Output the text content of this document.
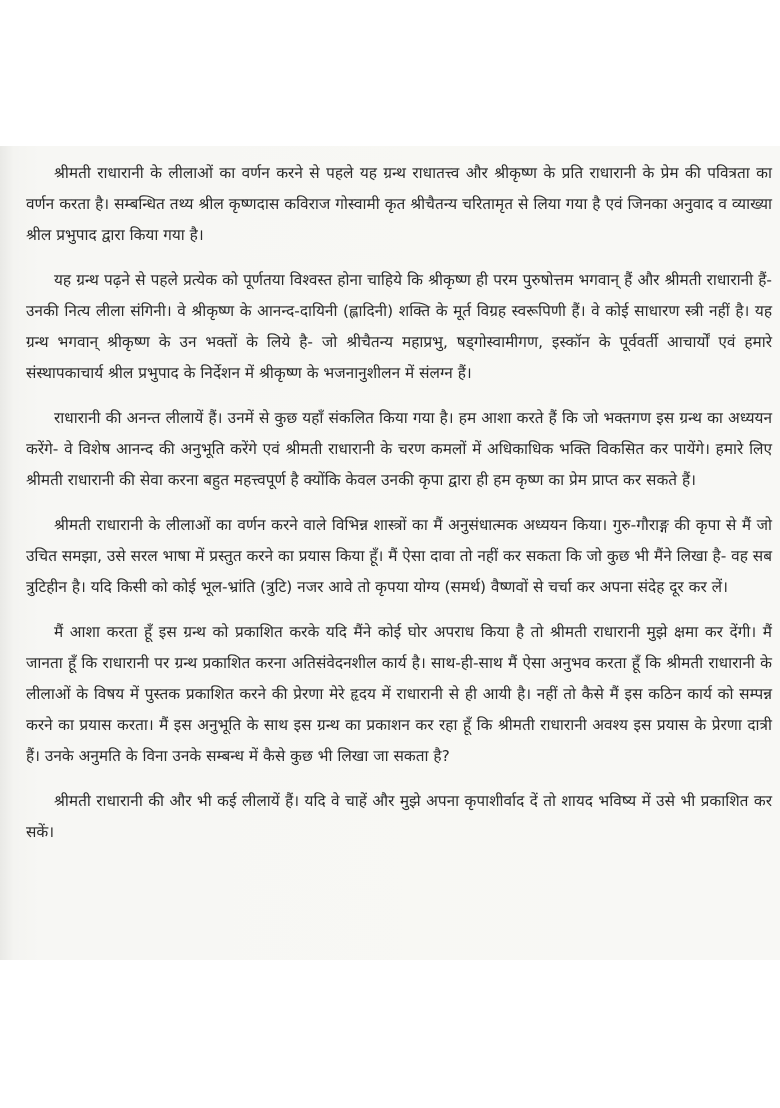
श्रीमती राधारानी के लीलाओं का वर्णन करने से पहले यह ग्रन्थ राधातत्त्व और श्रीकृष्ण के प्रति राधारानी के प्रेम की पवित्रता का वर्णन करता है। सम्बन्धित तथ्य श्रील कृष्णदास कविराज गोस्वामी कृत श्रीचैतन्य चरितामृत से लिया गया है एवं जिनका अनुवाद व व्याख्या श्रील प्रभुपाद द्वारा किया गया है।

यह ग्रन्थ पढ़ने से पहले प्रत्येक को पूर्णतया विश्वस्त होना चाहिये कि श्रीकृष्ण ही परम पुरुषोत्तम भगवान् हैं और श्रीमती राधारानी हैं- उनकी नित्य लीला संगिनी। वे श्रीकृष्ण के आनन्द-दायिनी (ह्लादिनी) शक्ति के मूर्त विग्रह स्वरूपिणी हैं। वे कोई साधारण स्त्री नहीं है। यह ग्रन्थ भगवान् श्रीकृष्ण के उन भक्तों के लिये है- जो श्रीचैतन्य महाप्रभु, षड्गोस्वामीगण, इस्कॉन के पूर्ववर्ती आचार्यों एवं हमारे संस्थापकाचार्य श्रील प्रभुपाद के निर्देशन में श्रीकृष्ण के भजनानुशीलन में संलग्न हैं।

राधारानी की अनन्त लीलायें हैं। उनमें से कुछ यहाँ संकलित किया गया है। हम आशा करते हैं कि जो भक्तगण इस ग्रन्थ का अध्ययन करेंगे- वे विशेष आनन्द की अनुभूति करेंगे एवं श्रीमती राधारानी के चरण कमलों में अधिकाधिक भक्ति विकसित कर पायेंगे। हमारे लिए श्रीमती राधारानी की सेवा करना बहुत महत्त्वपूर्ण है क्योंकि केवल उनकी कृपा द्वारा ही हम कृष्ण का प्रेम प्राप्त कर सकते हैं।

श्रीमती राधारानी के लीलाओं का वर्णन करने वाले विभिन्न शास्त्रों का मैं अनुसंधात्मक अध्ययन किया। गुरु-गौराङ्ग की कृपा से मैं जो उचित समझा, उसे सरल भाषा में प्रस्तुत करने का प्रयास किया हूँ। मैं ऐसा दावा तो नहीं कर सकता कि जो कुछ भी मैंने लिखा है- वह सब त्रुटिहीन है। यदि किसी को कोई भूल-भ्रांति (त्रुटि) नजर आवे तो कृपया योग्य (समर्थ) वैष्णवों से चर्चा कर अपना संदेह दूर कर लें।

मैं आशा करता हूँ इस ग्रन्थ को प्रकाशित करके यदि मैंने कोई घोर अपराध किया है तो श्रीमती राधारानी मुझे क्षमा कर देंगी। मैं जानता हूँ कि राधारानी पर ग्रन्थ प्रकाशित करना अतिसंवेदनशील कार्य है। साथ-ही-साथ मैं ऐसा अनुभव करता हूँ कि श्रीमती राधारानी के लीलाओं के विषय में पुस्तक प्रकाशित करने की प्रेरणा मेरे हृदय में राधारानी से ही आयी है। नहीं तो कैसे मैं इस कठिन कार्य को सम्पन्न करने का प्रयास करता। मैं इस अनुभूति के साथ इस ग्रन्थ का प्रकाशन कर रहा हूँ कि श्रीमती राधारानी अवश्य इस प्रयास के प्रेरणा दात्री हैं। उनके अनुमति के विना उनके सम्बन्ध में कैसे कुछ भी लिखा जा सकता है?

श्रीमती राधारानी की और भी कई लीलायें हैं। यदि वे चाहें और मुझे अपना कृपाशीर्वाद दें तो शायद भविष्य में उसे भी प्रकाशित कर सकें।
